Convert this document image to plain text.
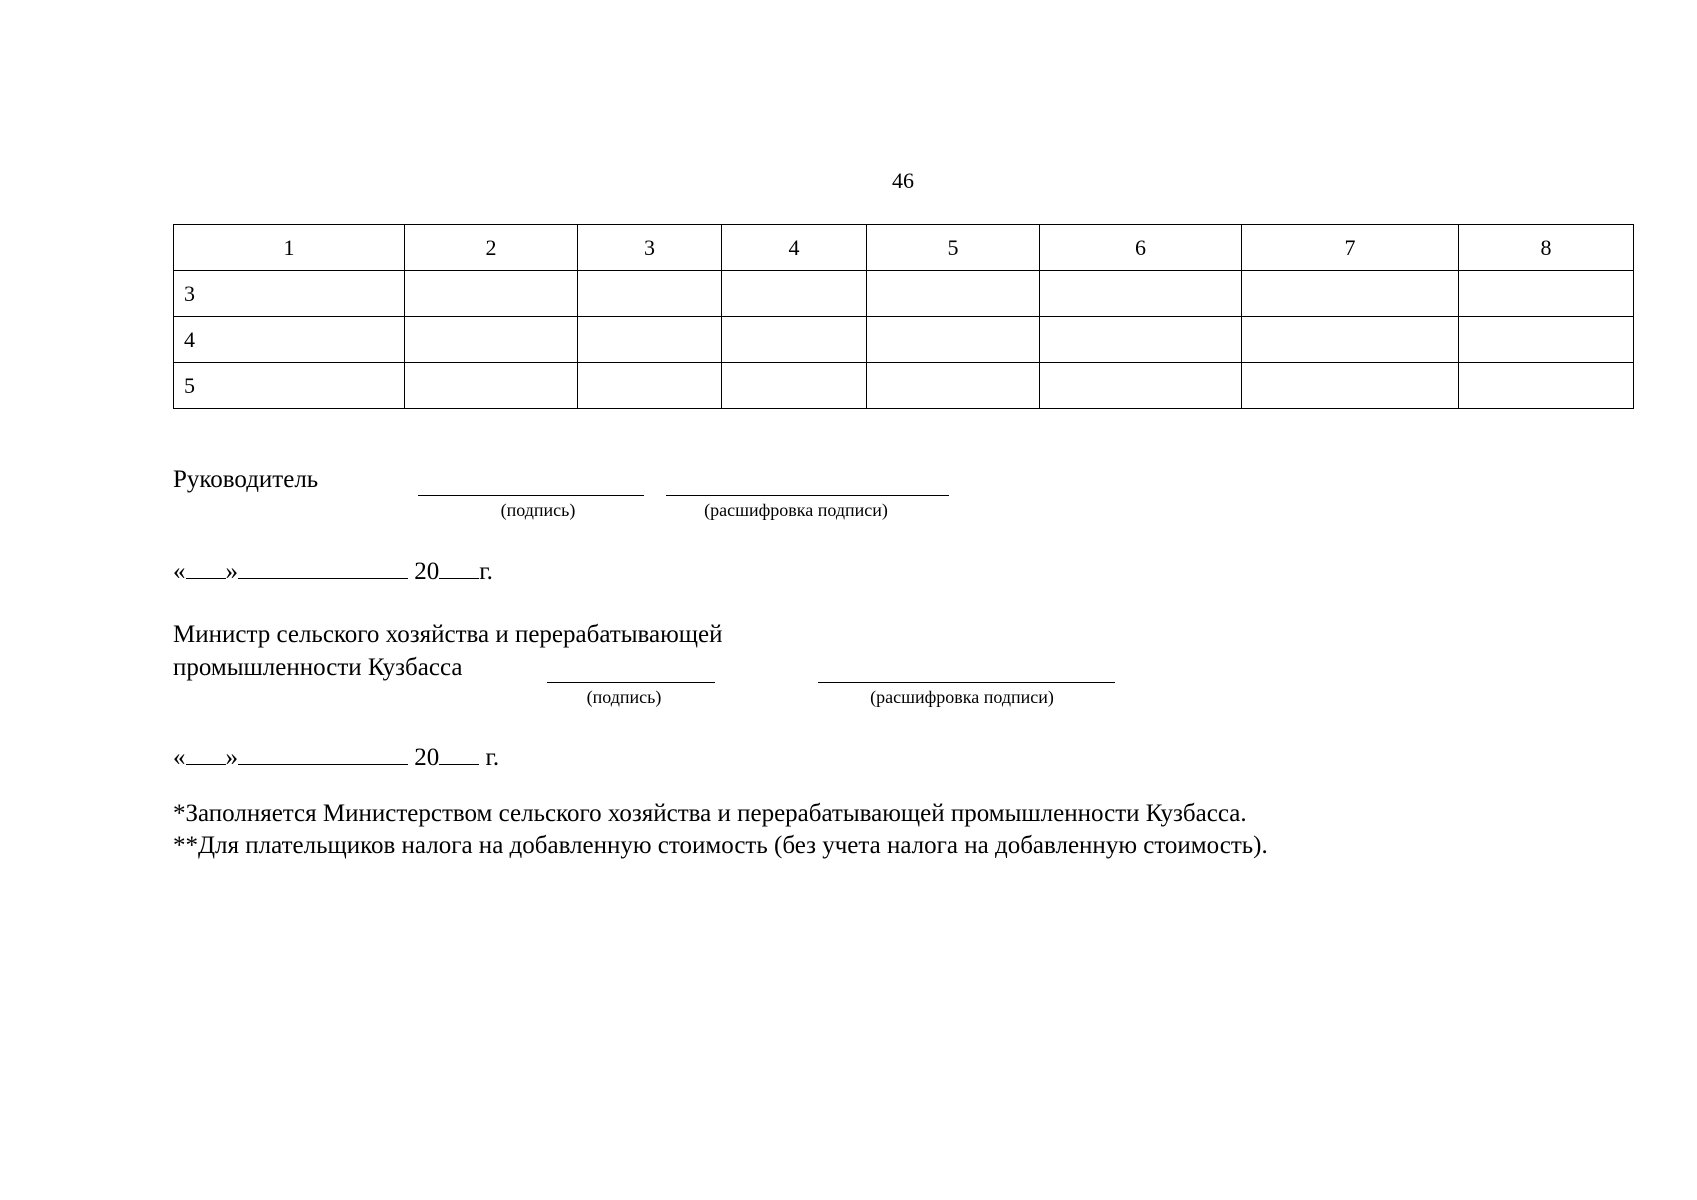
46
1	2	3	4	5	6	7	8
3							
4							
5							
Руководитель
(подпись)	(расшифровка подписи)
« »	20 г.
Министр сельского хозяйства и перерабатывающей
промышленности Кузбасса
(подпись)	(расшифровка подписи)
« »	20 г.
*Заполняется Министерством сельского хозяйства и перерабатывающей промышленности Кузбасса.
**Для плательщиков налога на добавленную стоимость (без учета налога на добавленную стоимость).
